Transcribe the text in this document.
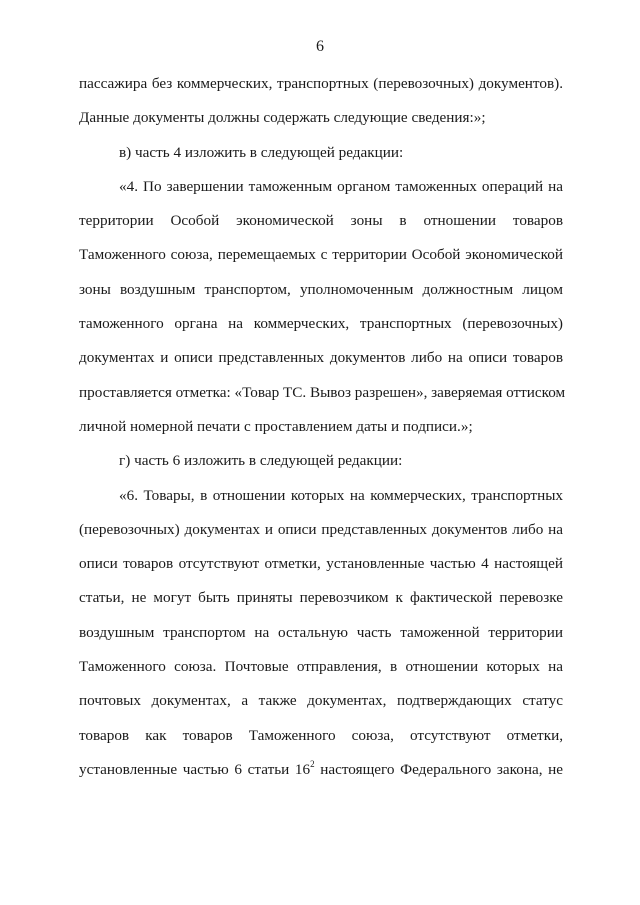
6
пассажира без коммерческих, транспортных (перевозочных) документов).
Данные документы должны содержать следующие сведения:»;
в) часть 4 изложить в следующей редакции:
«4. По завершении таможенным органом таможенных операций на
территории Особой экономической зоны в отношении товаров
Таможенного союза, перемещаемых с территории Особой экономической
зоны воздушным транспортом, уполномоченным должностным лицом
таможенного органа на коммерческих, транспортных (перевозочных)
документах и описи представленных документов либо на описи товаров
проставляется отметка: «Товар ТС. Вывоз разрешен», заверяемая оттиском
личной номерной печати с проставлением даты и подписи.»;
г) часть 6 изложить в следующей редакции:
«6. Товары, в отношении которых на коммерческих, транспортных
(перевозочных) документах и описи представленных документов либо на
описи товаров отсутствуют отметки, установленные частью 4 настоящей
статьи, не могут быть приняты перевозчиком к фактической перевозке
воздушным транспортом на остальную часть таможенной территории
Таможенного союза. Почтовые отправления, в отношении которых на
почтовых документах, а также документах, подтверждающих статус
товаров как товаров Таможенного союза, отсутствуют отметки,
установленные частью 6 статьи $16^2$ настоящего Федерального закона, не
